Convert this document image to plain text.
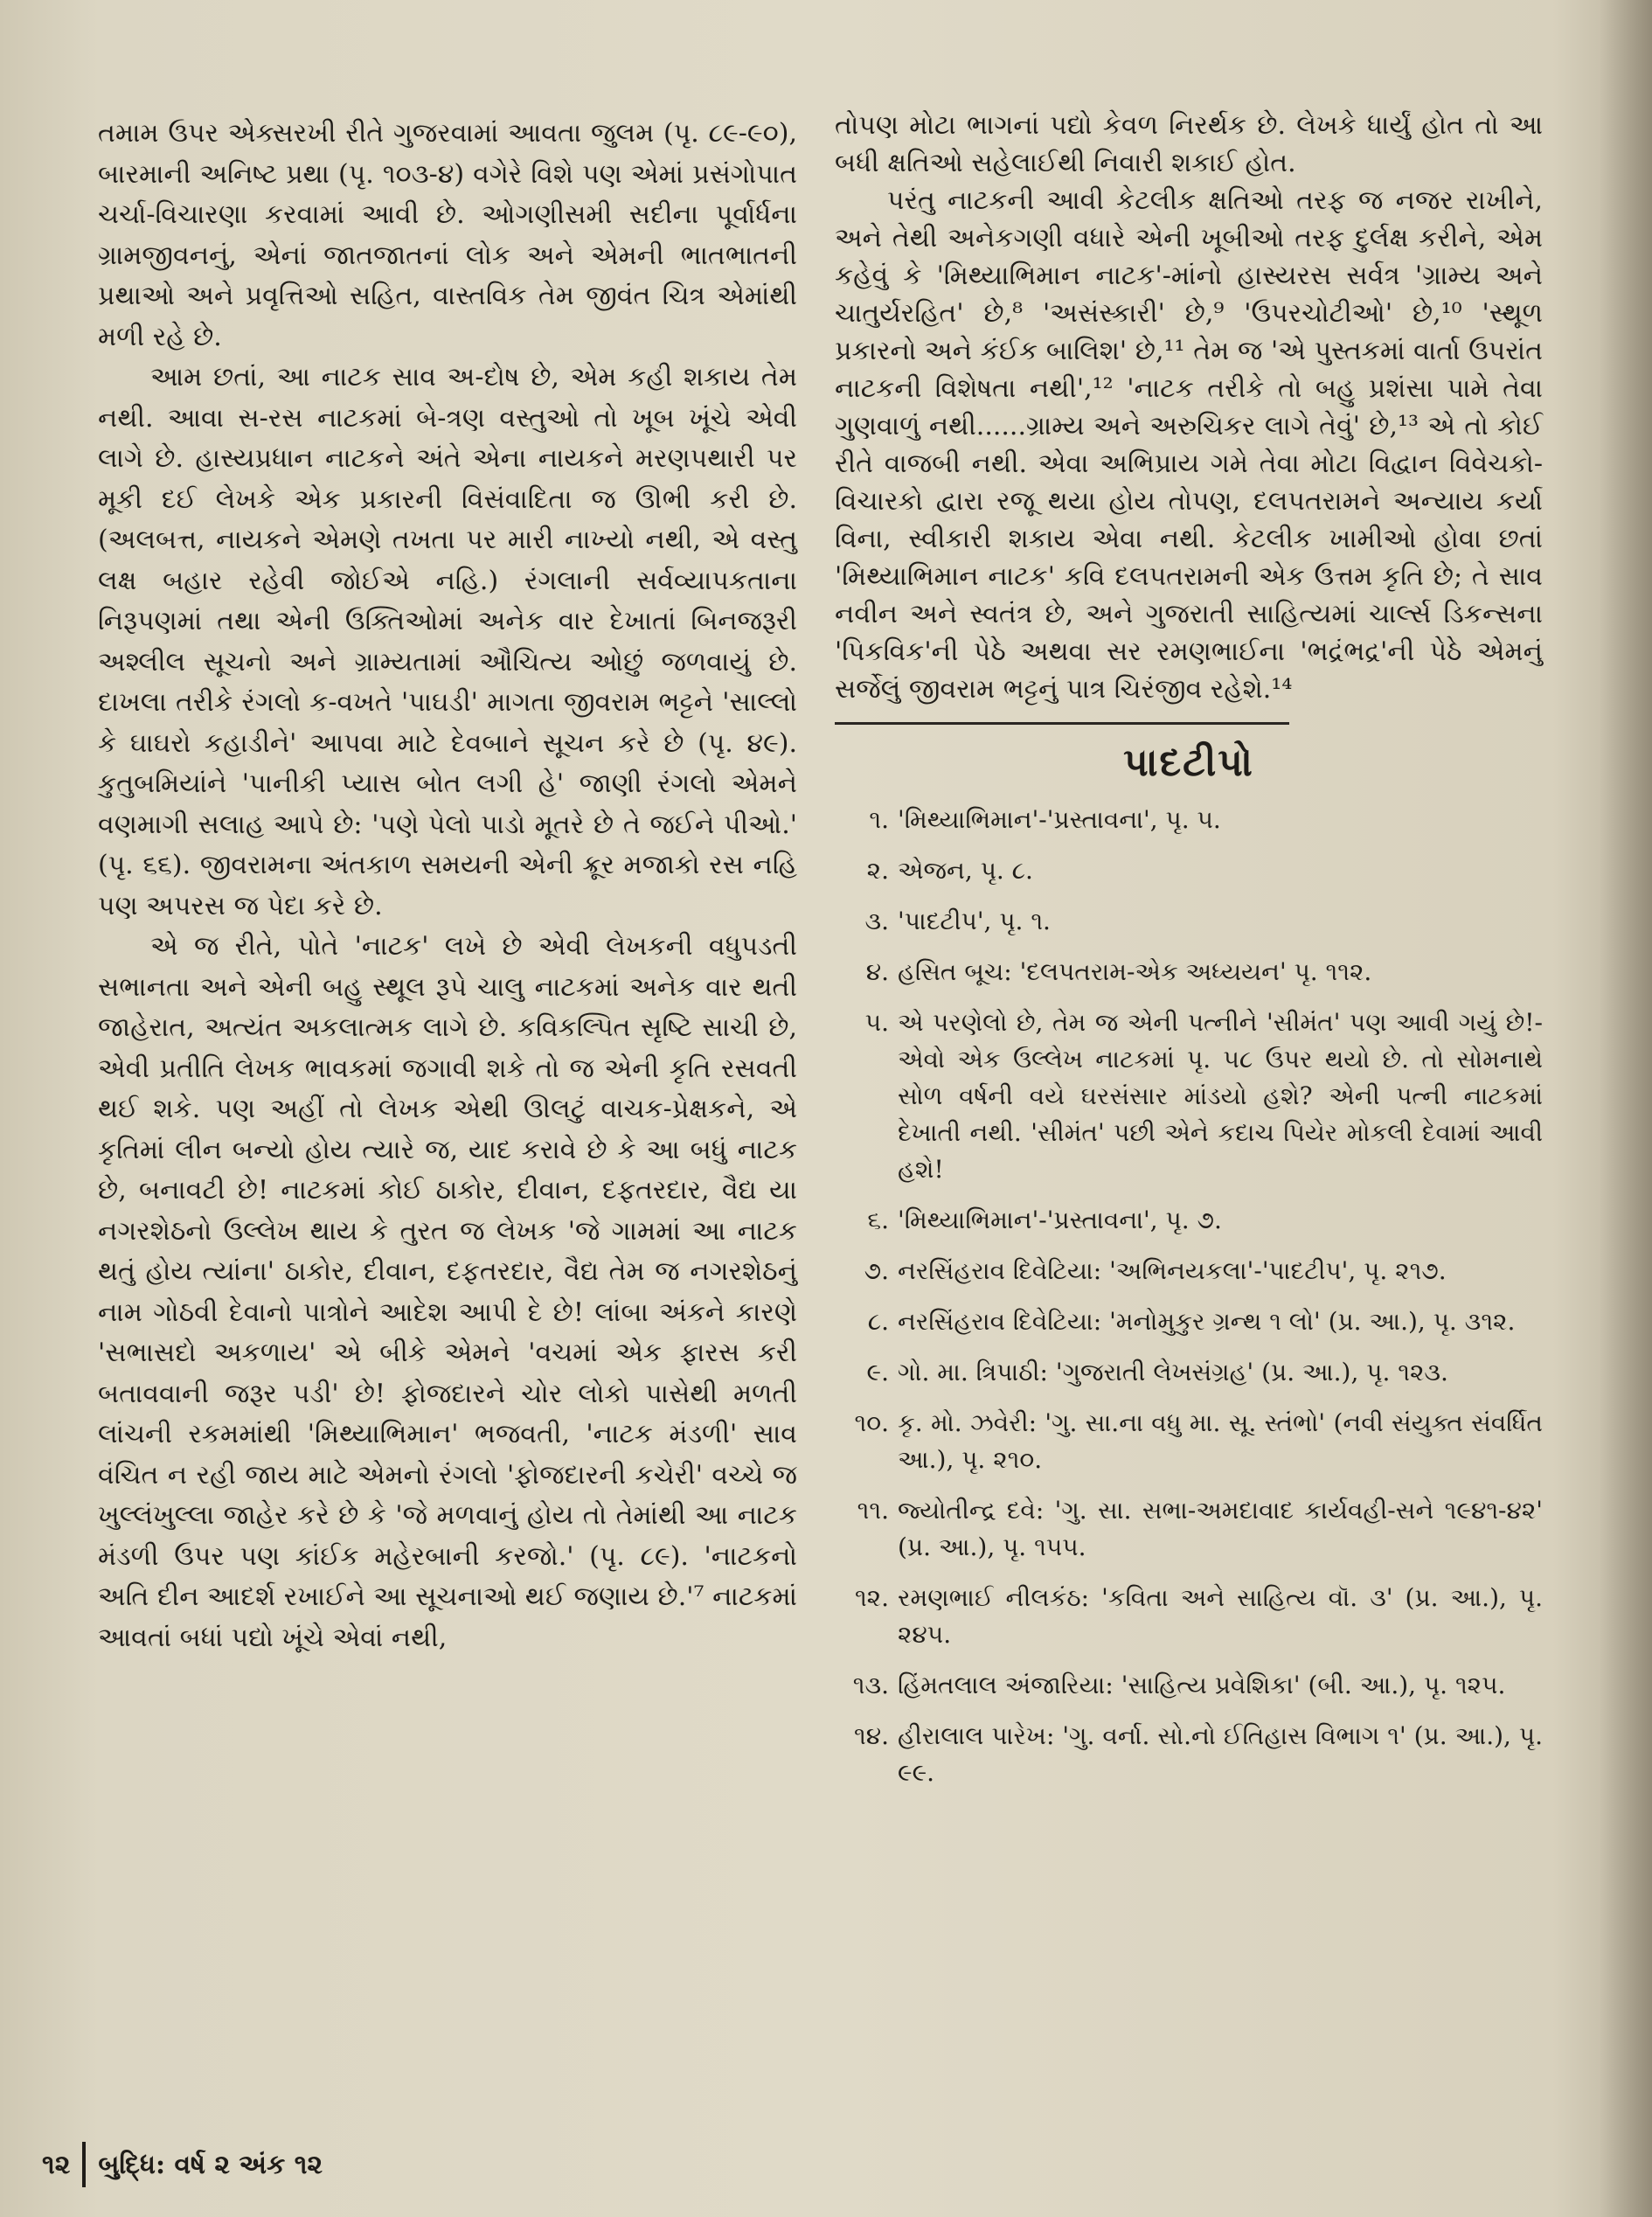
તમામ ઉપર એક્સરખી રીતે ગુજરવામાં આવતા જુલમ (પૃ. ૮૯-૯૦), બારમાની અનિષ્ટ પ્રથા (પૃ. ૧૦૩-૪) વગેરે વિશે પણ એમાં પ્રસંગોપાત ચર્ચા-વિચારણા કરવામાં આવી છે. ઓગણીસમી સદીના પૂર્વાર્ધના ગ્રામજીવનનું, એનાં જાતજાતનાં લોક અને એમની ભાતભાતની પ્રથાઓ અને પ્રવૃત્તિઓ સહિત, વાસ્તવિક તેમ જીવંત ચિત્ર એમાંથી મળી રહે છે.

આમ છતાં, આ નાટક સાવ અ-દોષ છે, એમ કહી શકાય તેમ નથી. આવા સ-રસ નાટકમાં બે-ત્રણ વસ્તુઓ તો ખૂબ ખૂંચે એવી લાગે છે. હાસ્યપ્રધાન નાટકને અંતે એના નાયકને મરણપથારી પર મૂકી દઈ લેખકે એક પ્રકારની વિસંવાદિતા જ ઊભી કરી છે.(અલબત્ત, નાયકને એમણે તખતા પર મારી નાખ્યો નથી, એ વસ્તુ લક્ષ બહાર રહેવી જોઈએ નહિ.) રંગલાની સર્વવ્યાપકતાના નિરૂપણમાં તથા એની ઉક્તિઓમાં અનેક વાર દેખાતાં બિનજરૂરી અશ્લીલ સૂચનો અને ગ્રામ્યતામાં ઔચિત્ય ઓછું જળવાયું છે. દાખલા તરીકે રંગલો ક-વખતે 'પાઘડી' માગતા જીવરામ ભટ્ટને 'સાલ્લો કે ઘાઘરો કહાડીને' આપવા માટે દેવબાને સૂચન કરે છે (પૃ. ૪૯). કુતુબમિયાંને 'પાનીકી પ્યાસ બોત લગી હે' જાણી રંગલો એમને વણમાગી સલાહ આપે છે: 'પણે પેલો પાડો મૂતરે છે તે જઈને પીઓ.' (પૃ. ૬૬). જીવરામના અંતકાળ સમયની એની ક્રૂર મજાકો રસ નહિ પણ અપરસ જ પેદા કરે છે.

એ જ રીતે, પોતે 'નાટક' લખે છે એવી લેખકની વધુપડતી સભાનતા અને એની બહુ સ્થૂલ રૂપે ચાલુ નાટકમાં અનેક વાર થતી જાહેરાત, અત્યંત અકલાત્મક લાગે છે. કવિકલ્પિત સૃષ્ટિ સાચી છે, એવી પ્રતીતિ લેખક ભાવકમાં જગાવી શકે તો જ એની કૃતિ રસવતી થઈ શકે. પણ અહીં તો લેખક એથી ઊલટું વાચક-પ્રેક્ષકને, એ કૃતિમાં લીન બન્યો હોય ત્યારે જ, યાદ કરાવે છે કે આ બધું નાટક છે, બનાવટી છે! નાટકમાં કોઈ ઠાકોર, દીવાન, દફતરદાર, વૈદ્ય યા નગરશેઠનો ઉલ્લેખ થાય કે તુરત જ લેખક 'જે ગામમાં આ નાટક થતું હોય ત્યાંના' ઠાકોર, દીવાન, દફતરદાર, વૈદ્ય તેમ જ નગરશેઠનું નામ ગોઠવી દેવાનો પાત્રોને આદેશ આપી દે છે! લાંબા અંકને કારણે 'સભાસદો અકળાય' એ બીકે એમને 'વચમાં એક ફારસ કરી બતાવવાની જરૂર પડી' છે! ફોજદારને ચોર લોકો પાસેથી મળતી લાંચની રકમમાંથી 'મિથ્યાભિમાન' ભજવતી, 'નાટક મંડળી' સાવ વંચિત ન રહી જાય માટે એમનો રંગલો 'ફોજદારની કચેરી' વચ્ચે જ ખુલ્લંખુલ્લા જાહેર કરે છે કે 'જે મળવાનું હોય તો તેમાંથી આ નાટક મંડળી ઉપર પણ કાંઈક મહેરબાની કરજો.' (પૃ. ૮૯). 'નાટકનો અતિ દીન આદર્શ રખાઈને આ સૂચનાઓ થઈ જણાય છે.'⁷ નાટકમાં આવતાં બધાં પદ્યો ખૂંચે એવાં નથી,

તોપણ મોટા ભાગનાં પદ્યો કેવળ નિરર્થક છે. લેખકે ધાર્યું હોત તો આ બધી ક્ષતિઓ સહેલાઈથી નિવારી શકાઈ હોત.

પરંતુ નાટકની આવી કેટલીક ક્ષતિઓ તરફ જ નજર રાખીને, અને તેથી અનેકગણી વધારે એની ખૂબીઓ તરફ દુર્લક્ષ કરીને, એમ કહેવું કે 'મિથ્યાભિમાન નાટક'-માંનો હાસ્યરસ સર્વત્ર 'ગ્રામ્ય અને ચાતુર્યરહિત' છે,⁸ 'અસંસ્કારી' છે,⁹ 'ઉપરચોટીઓ' છે,¹⁰ 'સ્થૂળ પ્રકારનો અને કંઈક બાલિશ' છે,¹¹ તેમ જ 'એ પુસ્તકમાં વાર્તા ઉપરાંત નાટકની વિશેષતા નથી',¹² 'નાટક તરીકે તો બહુ પ્રશંસા પામે તેવા ગુણવાળું નથી......ગ્રામ્ય અને અરુચિકર લાગે તેવું' છે,¹³ એ તો કોઈ રીતે વાજબી નથી. એવા અભિપ્રાય ગમે તેવા મોટા વિદ્વાન વિવેચકો-વિચારકો દ્વારા રજૂ થયા હોય તોપણ, દલપતરામને અન્યાય કર્યા વિના, સ્વીકારી શકાય એવા નથી. કેટલીક ખામીઓ હોવા છતાં 'મિથ્યાભિમાન નાટક' કવિ દલપતરામની એક ઉત્તમ કૃતિ છે; તે સાવ નવીન અને સ્વતંત્ર છે, અને ગુજરાતી સાહિત્યમાં ચાર્લ્સ ડિકન્સના 'પિકવિક'ની પેઠે અથવા સર રમણભાઈના 'ભદ્રંભદ્ર'ની પેઠે એમનું સર્જેલું જીવરામ ભટ્ટનું પાત્ર ચિરંજીવ રહેશે.¹⁴

પાદટીપો
૧. 'મિથ્યાભિમાન'-'પ્રસ્તાવના', પૃ. ૫.
૨. એજન, પૃ. ૮.
૩. 'પાદટીપ', પૃ. ૧.
૪. હસિત બૂચ: 'દલપતરામ-એક અધ્યયન' પૃ. ૧૧૨.
૫. એ પરણેલો છે, તેમ જ એની પત્નીને 'સીમંત' પણ આવી ગયું છે!-એવો એક ઉલ્લેખ નાટકમાં પૃ. ૫૮ ઉપર થયો છે. તો સોમનાથે સોળ વર્ષની વયે ઘરસંસાર માંડયો હશે? એની પત્ની નાટકમાં દેખાતી નથી. 'સીમંત' પછી એને કદાચ પિયેર મોકલી દેવામાં આવી હશે!
૬. 'મિથ્યાભિમાન'-'પ્રસ્તાવના', પૃ. ૭.
૭. નરસિંહરાવ દિવેટિયા: 'અભિનયકલા'-'પાદટીપ', પૃ. ૨૧૭.
૮. નરસિંહરાવ દિવેટિયા: 'મનોમુકુર ગ્રન્થ ૧ લો' (પ્ર. આ.), પૃ. ૩૧૨.
૯. ગો. મા. ત્રિપાઠી: 'ગુજરાતી લેખસંગ્રહ' (પ્ર. આ.), પૃ. ૧૨૩.
૧૦. કૃ. મો. ઝવેરી: 'ગુ. સા.ના વધુ મા. સૂ. સ્તંભો' (નવી સંયુક્ત સંવર્ધિત આ.), પૃ. ૨૧૦.
૧૧. જ્યોતીન્દ્ર દવે: 'ગુ. સા. સભા-અમદાવાદ કાર્યવહી-સને ૧૯૪૧-૪૨' (પ્ર. આ.), પૃ. ૧૫૫.
૧૨. રમણભાઈ નીલકંઠ: 'કવિતા અને સાહિત્ય વૉ. ૩' (પ્ર. આ.), પૃ. ૨૪૫.
૧૩. હિંમતલાલ અંજારિયા: 'સાહિત્ય પ્રવેશિકા' (બી. આ.), પૃ. ૧૨૫.
૧૪. હીરાલાલ પારેખ: 'ગુ. વર્ના. સો.નો ઈતિહાસ વિભાગ ૧' (પ્ર. આ.), પૃ. ૯૯.
૧૨ બુદ્ધિ: વર્ષ ૨ અંક ૧૨
